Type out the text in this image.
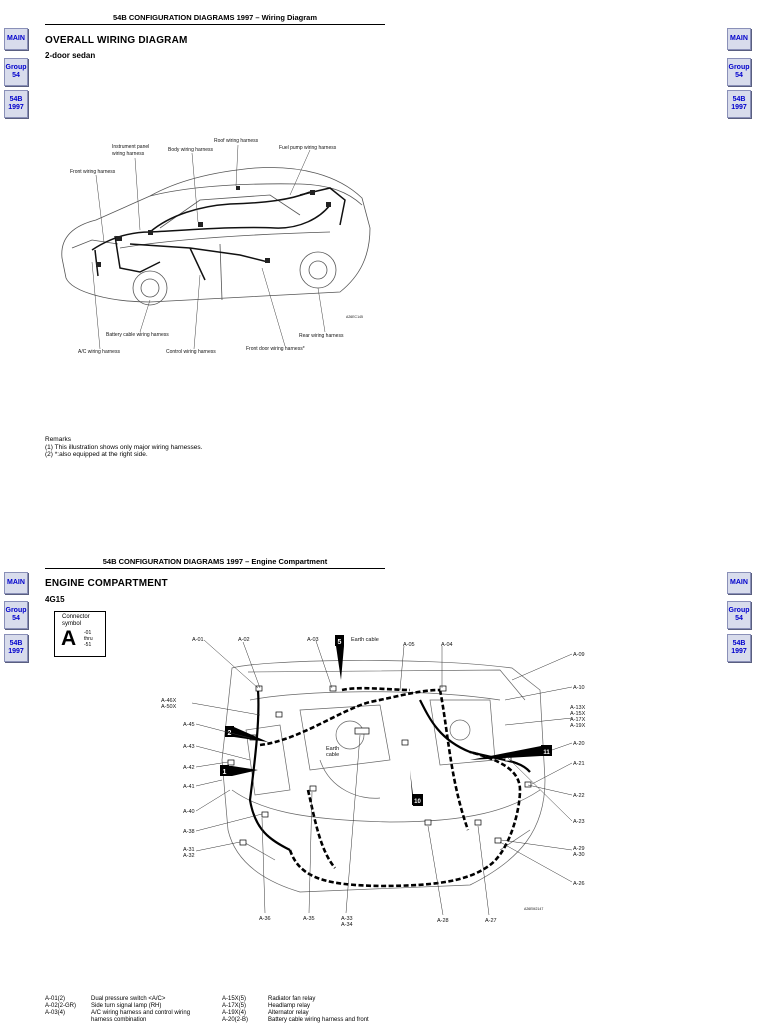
MAIN
Group
54
54B
1997
MAIN
Group
54
54B
1997
54B CONFIGURATION DIAGRAMS 1997 – Wiring Diagram
OVERALL WIRING DIAGRAM
2-door sedan
Roof wiring harness
Instrument panel
wiring harness
Body wiring harness	Fuel pump wiring harness
Front wiring harness
Battery cable wiring harness
A/C wiring harness	Control wiring harness	Front door wiring harness*
Rear wiring harness
A26EC145
Remarks
(1) This illustration shows only major wiring harnesses.
(2) *:also equipped at the right side.
MAIN
Group
54
54B
1997
MAIN
Group
54
54B
1997
54B CONFIGURATION DIAGRAMS 1997 – Engine Compartment
ENGINE COMPARTMENT
4G15
Connector
symbol
A -01
thru
-51
1
2
5
10
11
A-01	A-02	A-03	Earth cable
A-05	A-04
A-09
A-46X
A-50X
A-10
A-13X
A-15X
A-17X
A-19X
A-45
A-43
A-42
A-41
A-40
A-38
A-31
A-32
A-20
A-21
A-22
A-23
A-29
A-30
A-26
Earth
cable
A-36	A-35	A-33
A-34
A-28	A-27
A26EM2147
A-01(2)	Dual pressure switch <A/C>
A-02(2-GR)	Side turn signal lamp (RH)
A-03(4)	A/C wiring harness and control wiring
harness combination
A-15X(5)	Radiator fan relay
A-17X(5)	Headlamp relay
A-19X(4)	Alternator relay
A-20(2-B)	Battery cable wiring harness and front
